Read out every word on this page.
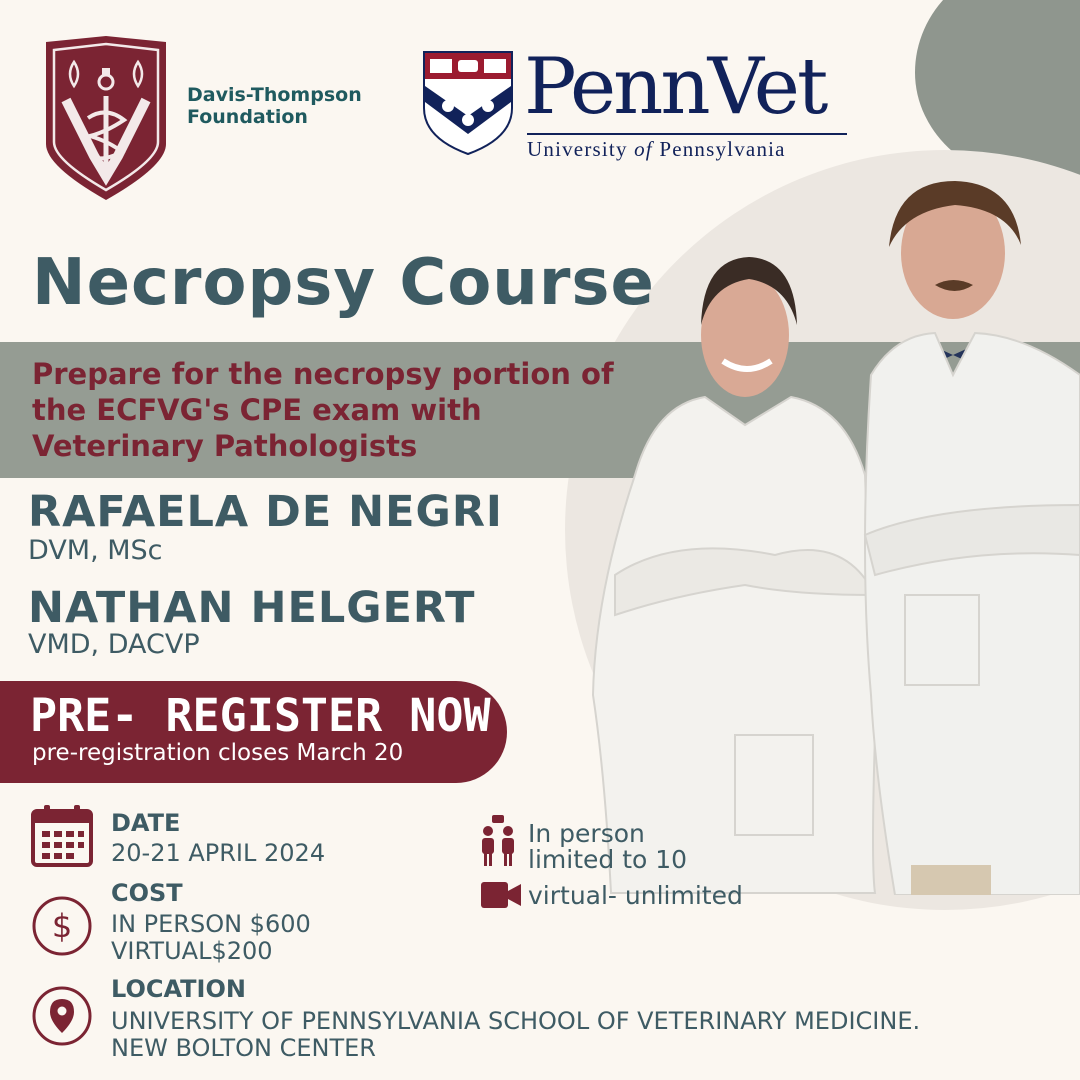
Davis-Thompson
Foundation	PennVet
University of Pennsylvania
Necropsy Course
Prepare for the necropsy portion of
the ECFVG's CPE exam with
Veterinary Pathologists
RAFAELA DE NEGRI
DVM, MSc
NATHAN HELGERT
VMD, DACVP
PRE- REGISTER NOW
pre-registration closes March 20
DATE
20-21 APRIL 2024
$
COST
IN PERSON $600
VIRTUAL$200
LOCATION
UNIVERSITY OF PENNSYLVANIA SCHOOL OF VETERINARY MEDICINE.
NEW BOLTON CENTER
In person
limited to 10
virtual- unlimited
